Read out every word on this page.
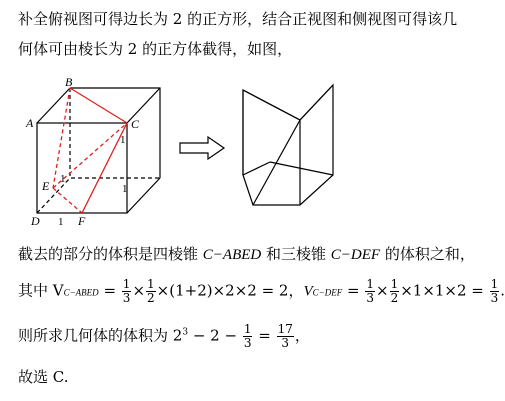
补全俯视图可得边长为 2 的正方形，结合正视图和侧视图可得该几
何体可由棱长为 2 的正方体截得，如图，
B
A	C
D
E
F
1
1
1
1
截去的部分的体积是四棱锥 C−ABED 和三棱锥 C−DEF 的体积之和，
其中 VC−ABED = $\frac{1}{3} \times \frac{1}{2} \times(1+2)\times 2\times 2 = 2$，$VC-DEF = \frac{1}{3} \times \frac{1}{2} \times 1\times 1\times 2 = \frac{1}{3}$ .
则所求几何体的体积为 $2^3 - 2 - \frac{1}{3} = \frac{17}{3}$ ，
故选 C.
